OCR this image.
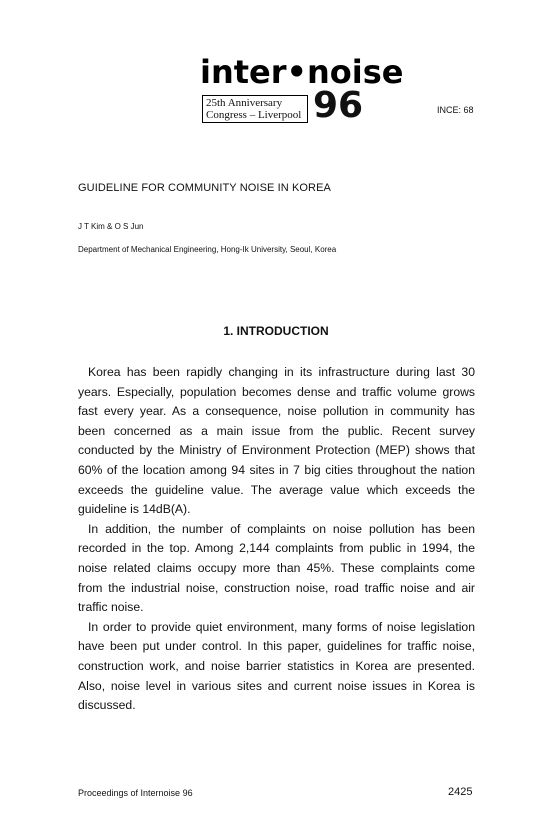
inter•noise
25th Anniversary
Congress – Liverpool 96	INCE: 68
GUIDELINE FOR COMMUNITY NOISE IN KOREA
J T Kim & O S Jun
Department of Mechanical Engineering, Hong-Ik University, Seoul, Korea
1. INTRODUCTION

Korea has been rapidly changing in its infrastructure during last 30 years. Especially, population becomes dense and traffic volume grows fast every year. As a consequence, noise pollution in community has been concerned as a main issue from the public. Recent survey conducted by the Ministry of Environment Protection (MEP) shows that 60% of the location among 94 sites in 7 big cities throughout the nation exceeds the guideline value. The average value which exceeds the guideline is 14dB(A).

In addition, the number of complaints on noise pollution has been recorded in the top. Among 2,144 complaints from public in 1994, the noise related claims occupy more than 45%. These complaints come from the industrial noise, construction noise, road traffic noise and air traffic noise.

In order to provide quiet environment, many forms of noise legislation have been put under control. In this paper, guidelines for traffic noise, construction work, and noise barrier statistics in Korea are presented. Also, noise level in various sites and current noise issues in Korea is discussed.

Proceedings of Internoise 96	2425
